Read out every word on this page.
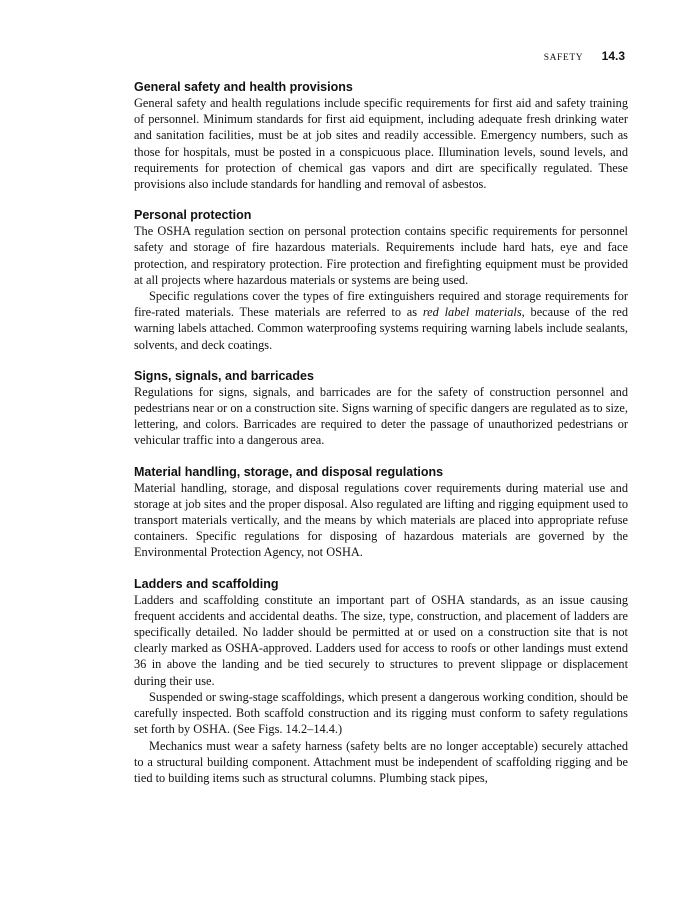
SAFETY 14.3
General safety and health provisions

General safety and health regulations include specific requirements for first aid and safety training of personnel. Minimum standards for first aid equipment, including adequate fresh drinking water and sanitation facilities, must be at job sites and readily accessible. Emergency numbers, such as those for hospitals, must be posted in a conspicuous place. Illumination levels, sound levels, and requirements for protection of chemical gas vapors and dirt are specifically regulated. These provisions also include standards for handling and removal of asbestos.

Personal protection

The OSHA regulation section on personal protection contains specific requirements for personnel safety and storage of fire hazardous materials. Requirements include hard hats, eye and face protection, and respiratory protection. Fire protection and firefighting equipment must be provided at all projects where hazardous materials or systems are being used.

Specific regulations cover the types of fire extinguishers required and storage requirements for fire-rated materials. These materials are referred to as red label materials, because of the red warning labels attached. Common waterproofing systems requiring warning labels include sealants, solvents, and deck coatings.

Signs, signals, and barricades

Regulations for signs, signals, and barricades are for the safety of construction personnel and pedestrians near or on a construction site. Signs warning of specific dangers are regulated as to size, lettering, and colors. Barricades are required to deter the passage of unauthorized pedestrians or vehicular traffic into a dangerous area.

Material handling, storage, and disposal regulations

Material handling, storage, and disposal regulations cover requirements during material use and storage at job sites and the proper disposal. Also regulated are lifting and rigging equipment used to transport materials vertically, and the means by which materials are placed into appropriate refuse containers. Specific regulations for disposing of hazardous materials are governed by the Environmental Protection Agency, not OSHA.

Ladders and scaffolding

Ladders and scaffolding constitute an important part of OSHA standards, as an issue causing frequent accidents and accidental deaths. The size, type, construction, and placement of ladders are specifically detailed. No ladder should be permitted at or used on a construction site that is not clearly marked as OSHA-approved. Ladders used for access to roofs or other landings must extend 36 in above the landing and be tied securely to structures to prevent slippage or displacement during their use.

Suspended or swing-stage scaffoldings, which present a dangerous working condition, should be carefully inspected. Both scaffold construction and its rigging must conform to safety regulations set forth by OSHA. (See Figs. 14.2–14.4.)

Mechanics must wear a safety harness (safety belts are no longer acceptable) securely attached to a structural building component. Attachment must be independent of scaffolding rigging and be tied to building items such as structural columns. Plumbing stack pipes,
